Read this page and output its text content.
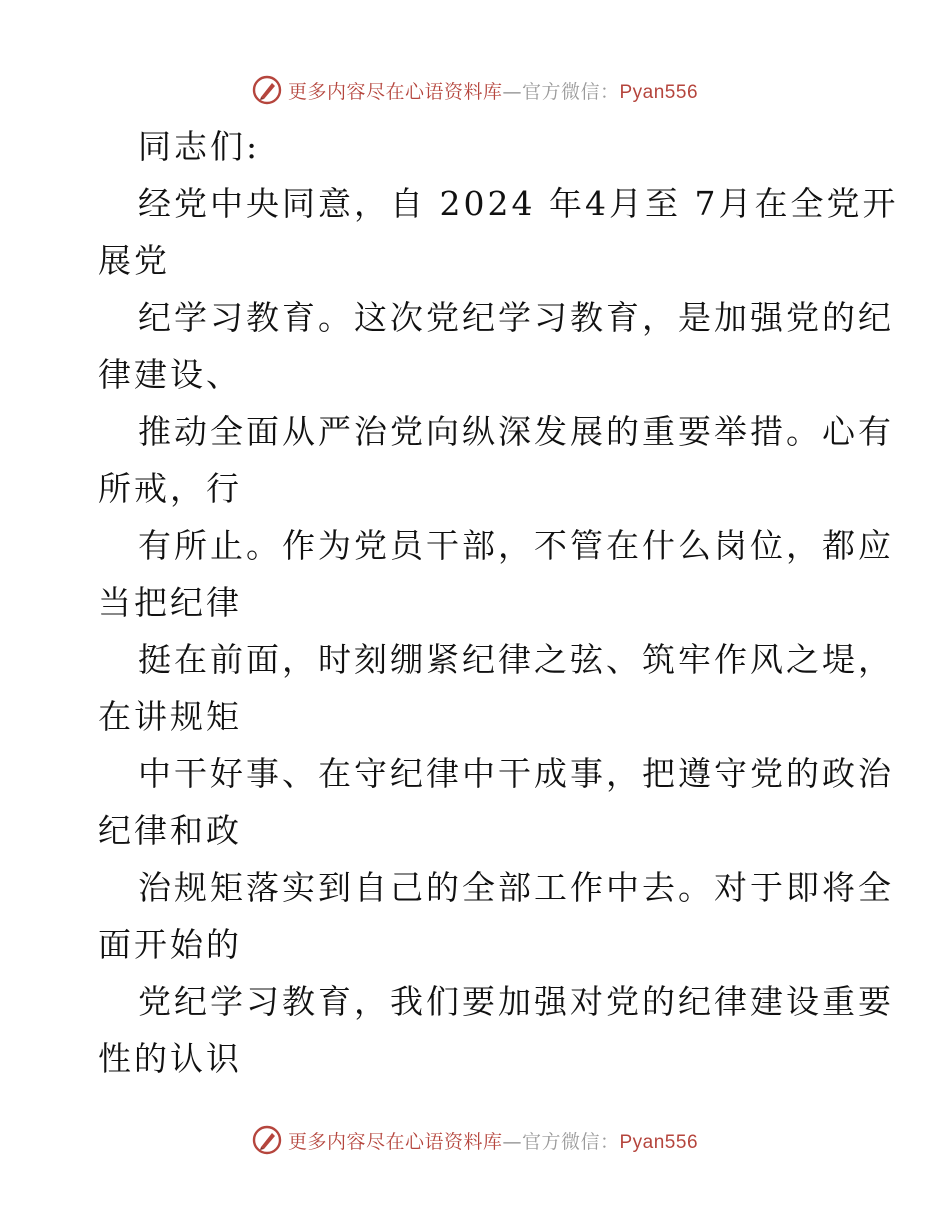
更多内容尽在心语资料库—官方微信：Pyan556

同志们:

经党中央同意，自 2024 年4月至 7月在全党开

展党

纪学习教育。这次党纪学习教育，是加强党的纪

律建设、

推动全面从严治党向纵深发展的重要举措。心有

所戒，行

有所止。作为党员干部，不管在什么岗位，都应

当把纪律

挺在前面，时刻绷紧纪律之弦、筑牢作风之堤，

在讲规矩

中干好事、在守纪律中干成事，把遵守党的政治

纪律和政

治规矩落实到自己的全部工作中去。对于即将全

面开始的

党纪学习教育，我们要加强对党的纪律建设重要

性的认识

更多内容尽在心语资料库—官方微信：Pyan556
